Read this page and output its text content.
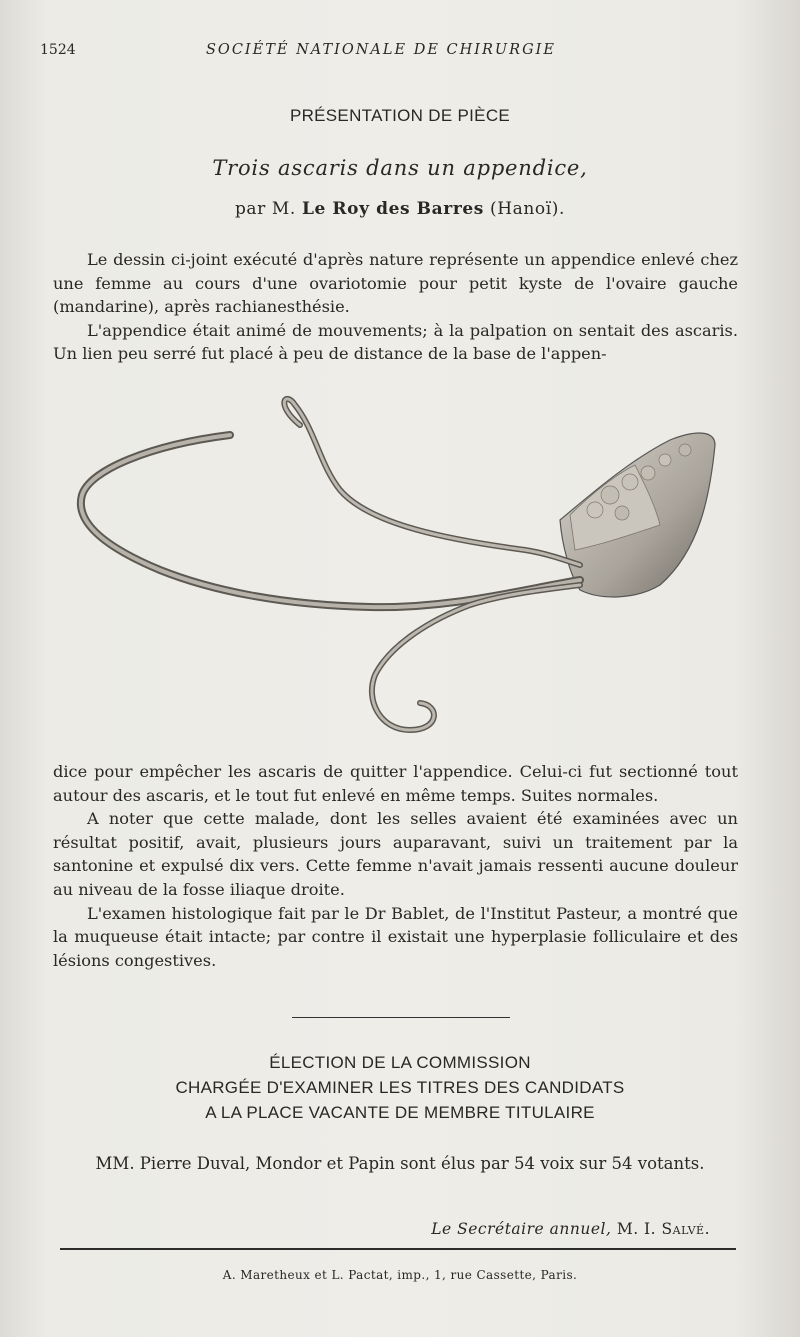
1524	SOCIÉTÉ NATIONALE DE CHIRURGIE
PRÉSENTATION DE PIÈCE
Trois ascaris dans un appendice,
par M. Le Roy des Barres (Hanoï).

Le dessin ci-joint exécuté d'après nature représente un appendice enlevé chez une femme au cours d'une ovariotomie pour petit kyste de l'ovaire gauche (mandarine), après rachianesthésie.

L'appendice était animé de mouvements; à la palpation on sentait des ascaris. Un lien peu serré fut placé à peu de distance de la base de l'appen-

dice pour empêcher les ascaris de quitter l'appendice. Celui-ci fut sectionné tout autour des ascaris, et le tout fut enlevé en même temps. Suites normales.

A noter que cette malade, dont les selles avaient été examinées avec un résultat positif, avait, plusieurs jours auparavant, suivi un traitement par la santonine et expulsé dix vers. Cette femme n'avait jamais ressenti aucune douleur au niveau de la fosse iliaque droite.

L'examen histologique fait par le Dr Bablet, de l'Institut Pasteur, a montré que la muqueuse était intacte; par contre il existait une hyperplasie folliculaire et des lésions congestives.

ÉLECTION DE LA COMMISSION
CHARGÉE D'EXAMINER LES TITRES DES CANDIDATS
A LA PLACE VACANTE DE MEMBRE TITULAIRE
MM. Pierre Duval, Mondor et Papin sont élus par 54 voix sur 54 votants.
Le Secrétaire annuel, M. I. Salvé.
A. Maretheux et L. Pactat, imp., 1, rue Cassette, Paris.
